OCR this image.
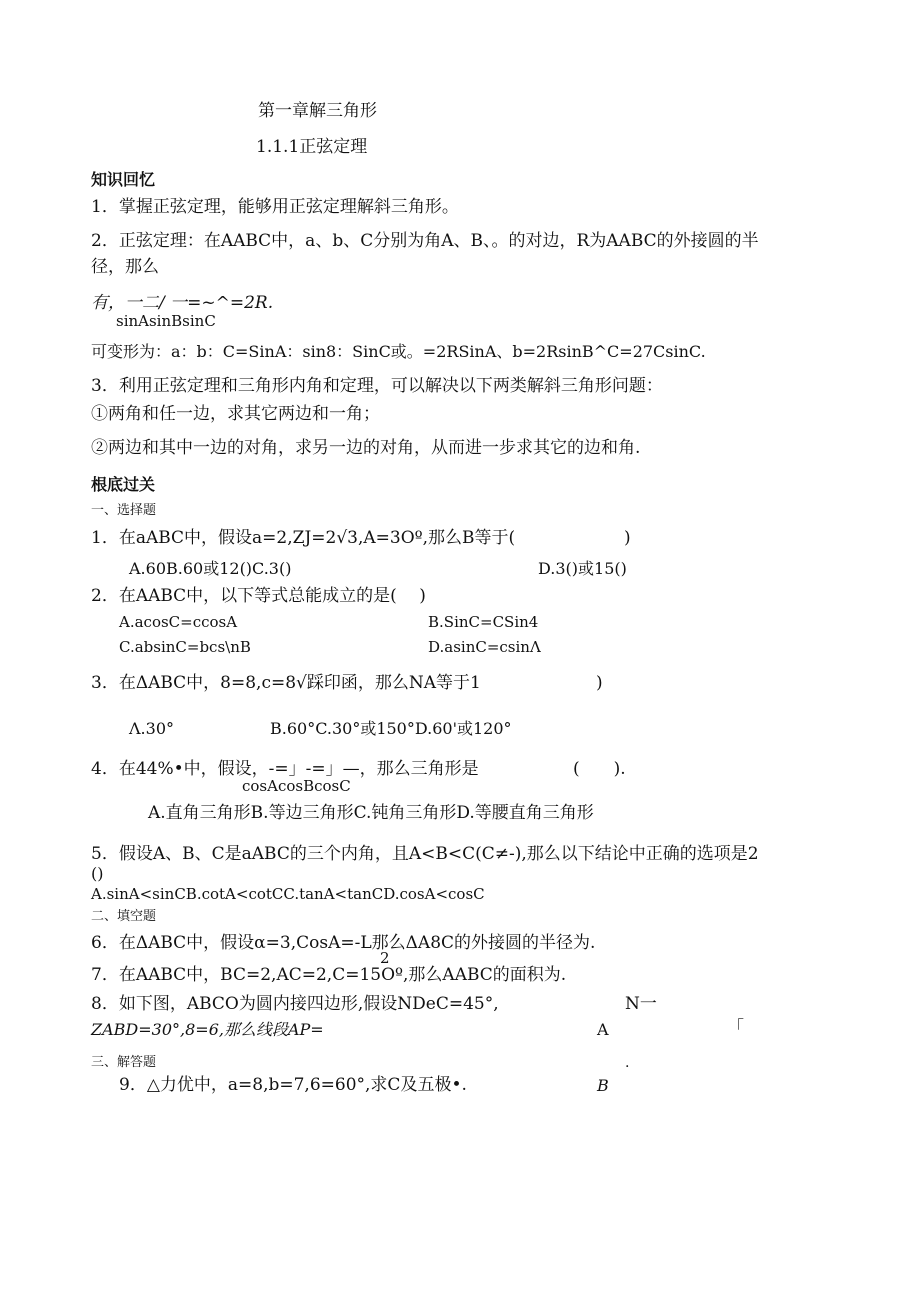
第一章解三角形
1.1.1正弦定理
知识回忆
1．掌握正弦定理，能够用正弦定理解斜三角形。
2．正弦定理：在AABC中，a、b、C分别为角A、B、。的对边，R为AABC的外接圆的半
径，那么
有，一二/ 一=~^=2R.
sinAsinBsinC
可变形为：a：b：C=SinA：sin8：SinC或。=2RSinA、b=2RsinB^C=27CsinC.
3．利用正弦定理和三角形内角和定理，可以解决以下两类解斜三角形问题：
①两角和任一边，求其它两边和一角；
②两边和其中一边的对角，求另一边的对角，从而进一步求其它的边和角.
根底过关
一、选择题
1．在aABC中，假设a=2,ZJ=2√3,A=3Oº,那么B等于(	)
A.60B.60或12()C.3()	D.3()或15()
2．在AABC中，以下等式总能成立的是(　 )
A.acosC=ccosA	B.SinC=CSin4
C.absinC=bcs\nB	D.asinC=csinΛ
3．在ΔABC中，8=8,c=8√踩印函，那么NA等于1	)
Λ.30°	B.60°C.30°或150°D.60'或120°
4．在44%•中，假设，-=」-=」—，那么三角形是	(　　).
cosAcosBcosC
A.直角三角形B.等边三角形C.钝角三角形D.等腰直角三角形
5．假设A、B、C是aABC的三个内角，且A<B<C(C≠-),那么以下结论中正确的选项是2
()
A.sinA<sinCB.cotA<cotCC.tanA<tanCD.cosA<cosC
二、填空题
6．在ΔABC中，假设α=3,CosA=-L那么ΔA8C的外接圆的半径为.
2
7．在AABC中，BC=2,AC=2,C=15Oº,那么AABC的面积为.
8．如下图，ABCO为圆内接四边形,假设NDeC=45°,	N一
ZABD=30°,8=6,那么线段AP=	A	「
三、解答题	.
9．△力优中，a=8,b=7,6=60°,求C及五极•.	B
